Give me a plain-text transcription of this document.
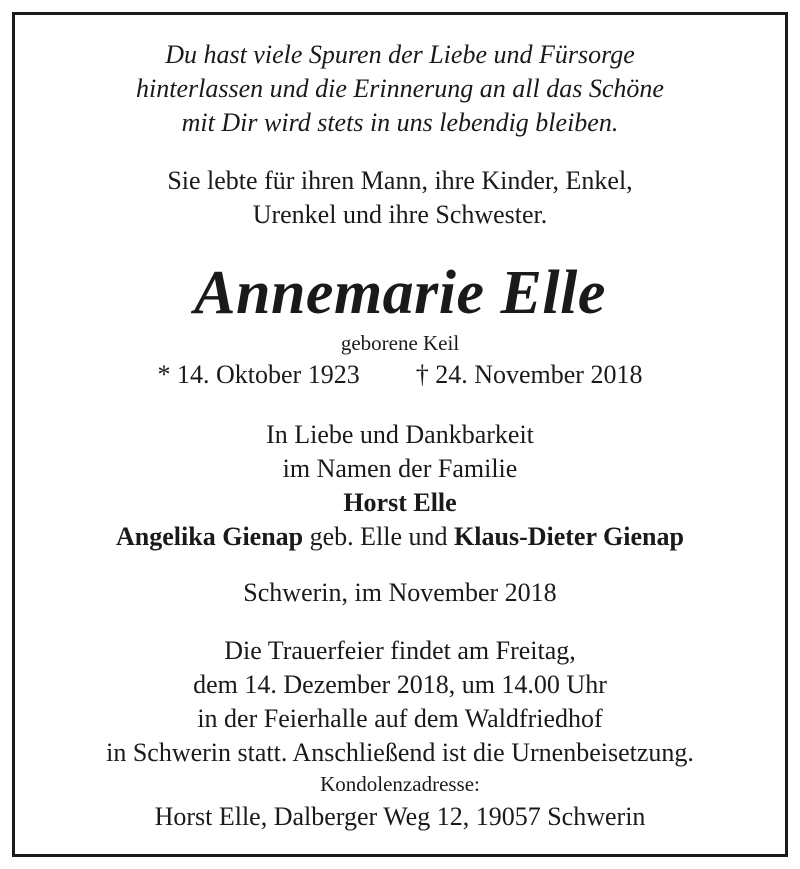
Du hast viele Spuren der Liebe und Fürsorge
hinterlassen und die Erinnerung an all das Schöne
mit Dir wird stets in uns lebendig bleiben.
Sie lebte für ihren Mann, ihre Kinder, Enkel,
Urenkel und ihre Schwester.
Annemarie Elle
geborene Keil
* 14. Oktober 1923 † 24. November 2018
In Liebe und Dankbarkeit
im Namen der Familie
Horst Elle
Angelika Gienap geb. Elle und Klaus-Dieter Gienap
Schwerin, im November 2018
Die Trauerfeier findet am Freitag,
dem 14. Dezember 2018, um 14.00 Uhr
in der Feierhalle auf dem Waldfriedhof
in Schwerin statt. Anschließend ist die Urnenbeisetzung.
Kondolenzadresse:
Horst Elle, Dalberger Weg 12, 19057 Schwerin
